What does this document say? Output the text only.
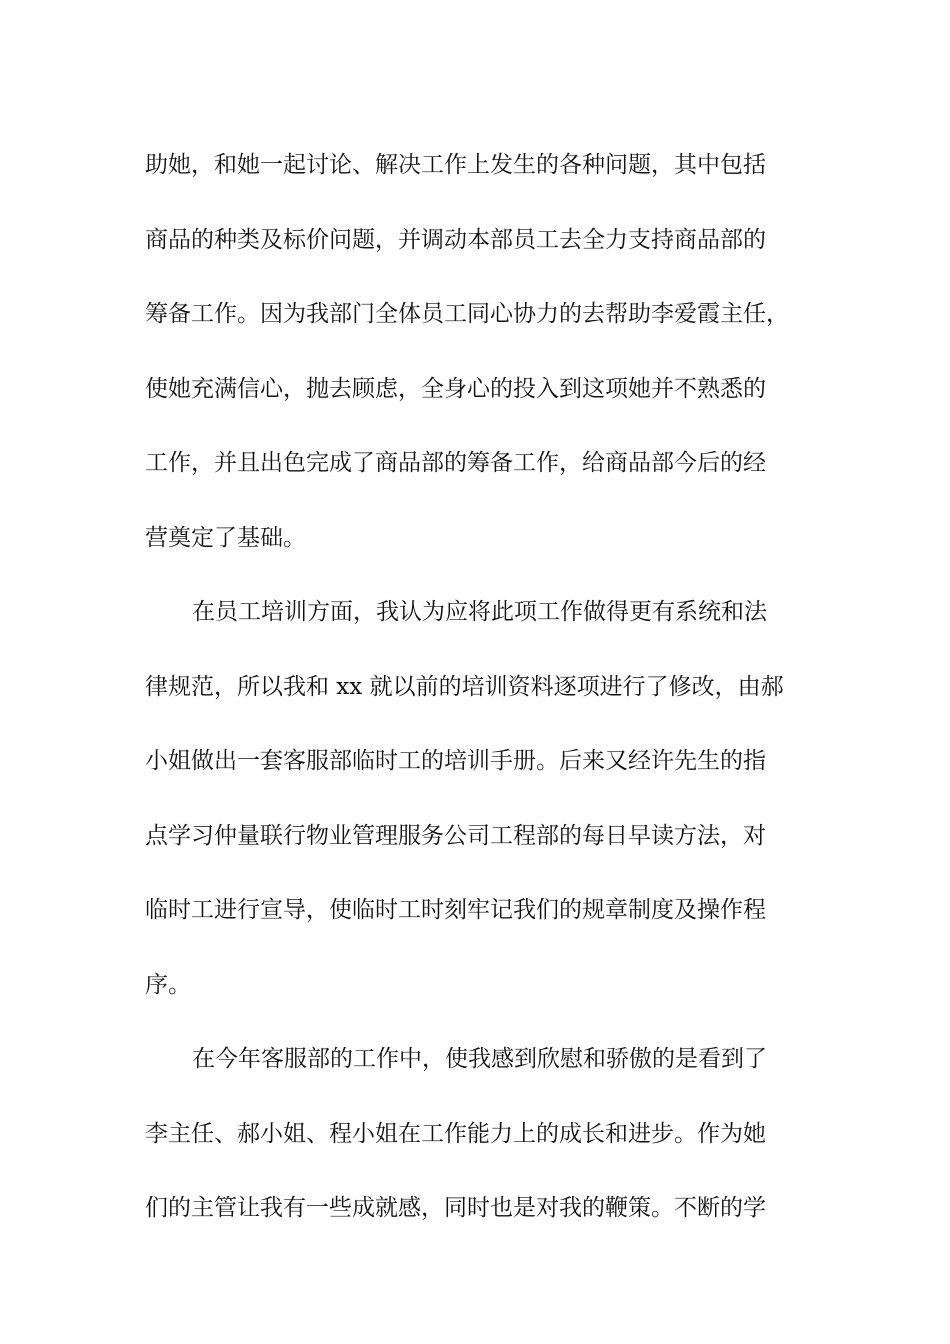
助她，和她一起讨论、解决工作上发生的各种问题，其中包括
商品的种类及标价问题，并调动本部员工去全力支持商品部的
筹备工作。因为我部门全体员工同心协力的去帮助李爱霞主任，
使她充满信心，抛去顾虑，全身心的投入到这项她并不熟悉的
工作，并且出色完成了商品部的筹备工作，给商品部今后的经
营奠定了基础。
在员工培训方面，我认为应将此项工作做得更有系统和法
律规范，所以我和 xx 就以前的培训资料逐项进行了修改，由郝
小姐做出一套客服部临时工的培训手册。后来又经许先生的指
点学习仲量联行物业管理服务公司工程部的每日早读方法，对
临时工进行宣导，使临时工时刻牢记我们的规章制度及操作程
序。
在今年客服部的工作中，使我感到欣慰和骄傲的是看到了
李主任、郝小姐、程小姐在工作能力上的成长和进步。作为她
们的主管让我有一些成就感，同时也是对我的鞭策。不断的学
